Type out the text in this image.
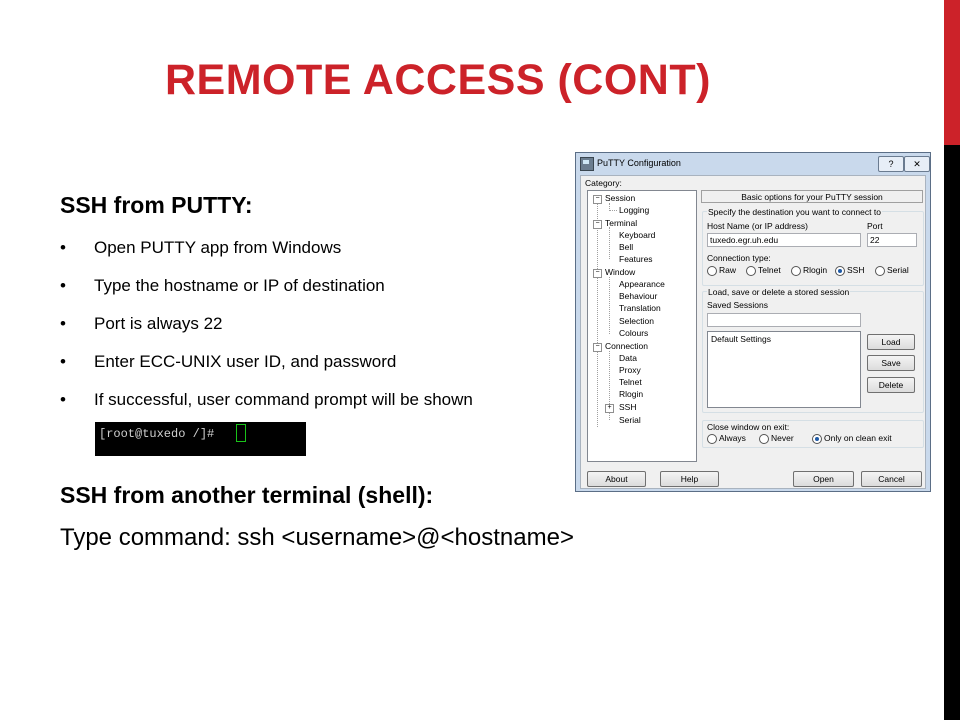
REMOTE ACCESS (CONT)
SSH from PUTTY:
• Open PUTTY app from Windows
• Type the hostname or IP of destination
• Port is always 22
• Enter ECC-UNIX user ID, and password
• If successful, user command prompt will be shown
[root@tuxedo /]#
SSH from another terminal (shell):
Type command: ssh <username>@<hostname>
PuTTY Configuration	?	✕
Category:
− Session
Logging
− Terminal
Keyboard
Bell
Features
− Window
Appearance
Behaviour
Translation
Selection
Colours
− Connection
Data
Proxy
Telnet
Rlogin
+ SSH
Serial
Basic options for your PuTTY session
Specify the destination you want to connect to
Host Name (or IP address)
tuxedo.egr.uh.edu
Port
22
Connection type:
Raw	Telnet	Rlogin SSH	Serial
Load, save or delete a stored session
Saved Sessions
Default Settings	Load
Save
Delete
Close window on exit:
Always	Never	Only on clean exit
About	Help	Open	Cancel
